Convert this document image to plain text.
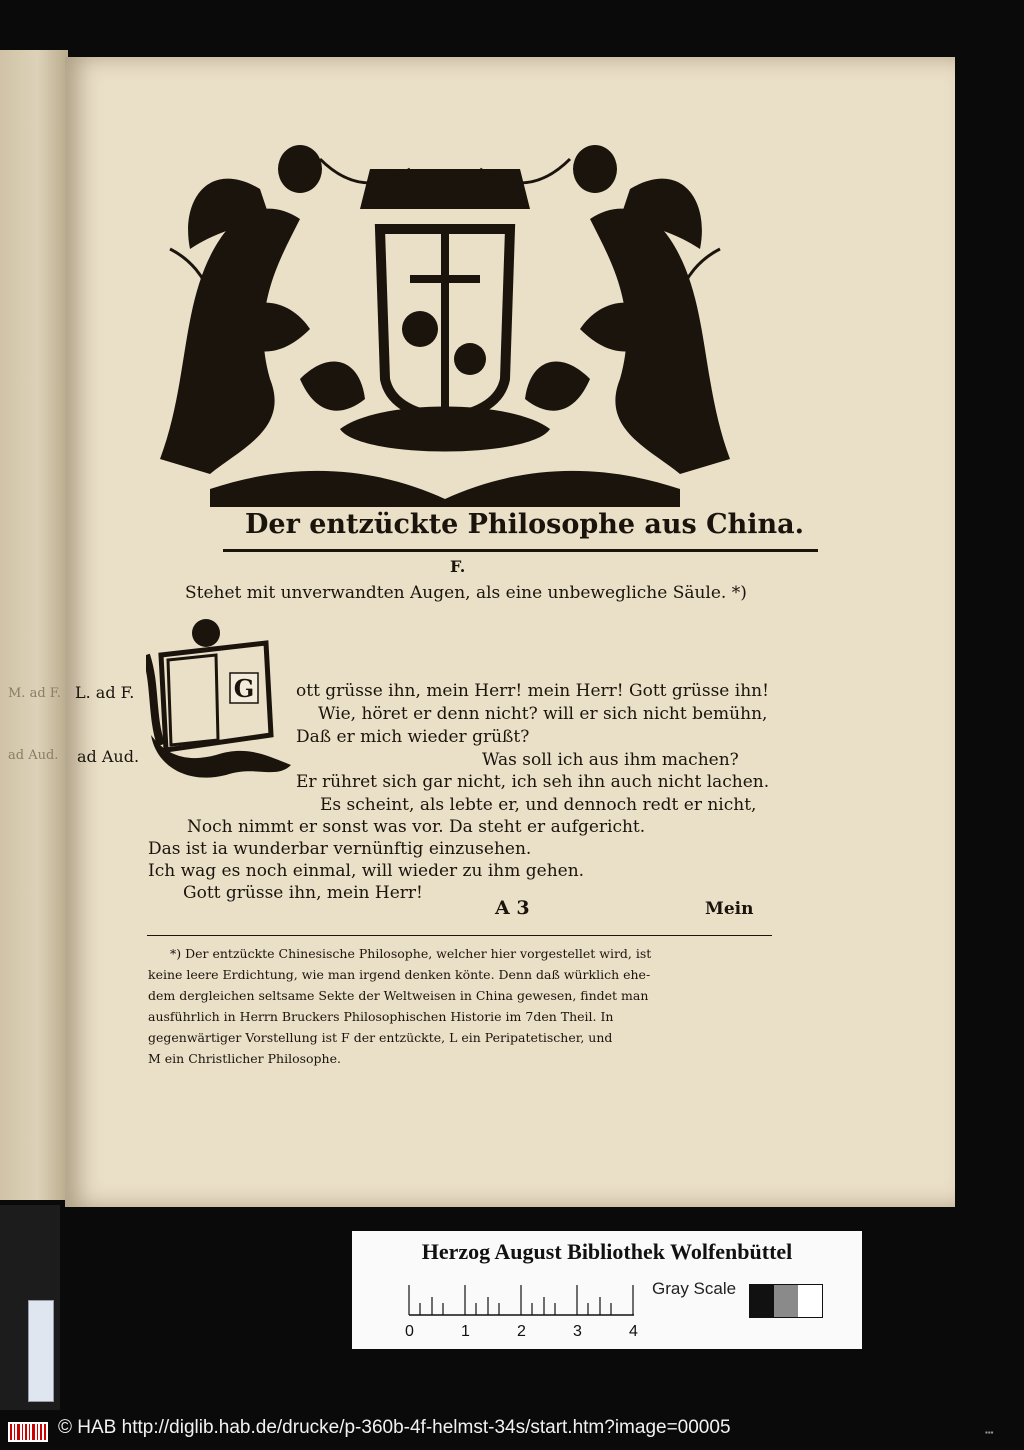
M. ad F.
ad Aud.
Der entzückte Philosophe aus China.
F.
Stehet mit unverwandten Augen, als eine unbewegliche Säule. *)
L. ad F.
ad Aud.
G ott grüsse ihn, mein Herr! mein Herr! Gott grüsse ihn!
Wie, höret er denn nicht? will er sich nicht bemühn,
Daß er mich wieder grüßt?
Was soll ich aus ihm machen?
Er rühret sich gar nicht, ich seh ihn auch nicht lachen.
Es scheint, als lebte er, und dennoch redt er nicht,
Noch nimmt er sonst was vor. Da steht er aufgericht.
Das ist ia wunderbar vernünftig einzusehen.
Ich wag es noch einmal, will wieder zu ihm gehen.
Gott grüsse ihn, mein Herr!
A 3	Mein
*) Der entzückte Chinesische Philosophe, welcher hier vorgestellet wird, ist
keine leere Erdichtung, wie man irgend denken könte. Denn daß würklich ehe-
dem dergleichen seltsame Sekte der Weltweisen in China gewesen, findet man
ausführlich in Herrn Bruckers Philosophischen Historie im 7den Theil. In
gegenwärtiger Vorstellung ist F der entzückte, L ein Peripatetischer, und
M ein Christlicher Philosophe.
Herzog August Bibliothek Wolfenbüttel
0	1	2	3	4
Gray Scale
© HAB http://diglib.hab.de/drucke/p-360b-4f-helmst-34s/start.htm?image=00005	▪▪▪
